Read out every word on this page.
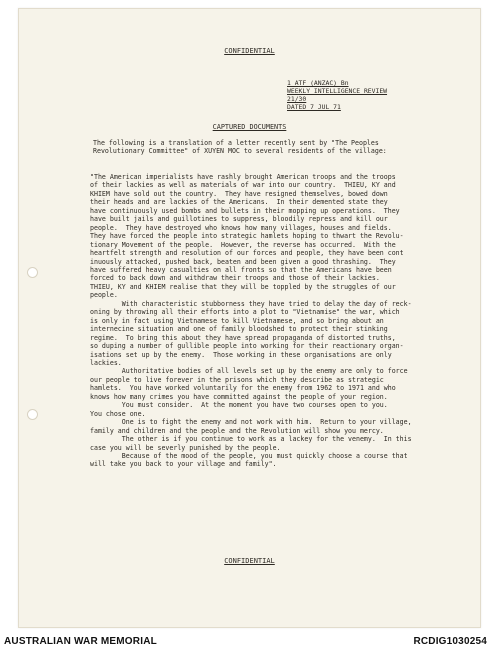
CONFIDENTIAL
1 ATF (ANZAC) Bn
WEEKLY INTELLIGENCE REVIEW
21/30
DATED 7 JUL 71
CAPTURED DOCUMENTS
The following is a translation of a letter recently sent by "The Peoples
Revolutionary Committee" of XUYEN MOC to several residents of the village:
"The American imperialists have rashly brought American troops and the troops
of their lackies as well as materials of war into our country.  THIEU, KY and
KHIEM have sold out the country.  They have resigned themselves, bowed down
their heads and are lackies of the Americans.  In their demented state they
have continuously used bombs and bullets in their mopping up operations.  They
have built jails and guillotines to suppress, bloodily repress and kill our
people.  They have destroyed who knows how many villages, houses and fields.
They have forced the people into strategic hamlets hoping to thwart the Revolu-
tionary Movement of the people.  However, the reverse has occurred.  With the
heartfelt strength and resolution of our forces and people, they have been cont
inuously attacked, pushed back, beaten and been given a good thrashing.  They
have suffered heavy casualties on all fronts so that the Americans have been
forced to back down and withdraw their troops and those of their lackies.
THIEU, KY and KHIEM realise that they will be toppled by the struggles of our
people.
With characteristic stubborness they have tried to delay the day of reck-
oning by throwing all their efforts into a plot to "Vietnamise" the war, which
is only in fact using Vietnamese to kill Vietnamese, and so bring about an
internecine situation and one of family bloodshed to protect their stinking
regime.  To bring this about they have spread propaganda of distorted truths,
so duping a number of gullible people into working for their reactionary organ-
isations set up by the enemy.  Those working in these organisations are only
lackies.
Authoritative bodies of all levels set up by the enemy are only to force
our people to live forever in the prisons which they describe as strategic
hamlets.  You have worked voluntarily for the enemy from 1962 to 1971 and who
knows how many crimes you have committed against the people of your region.
You must consider.  At the moment you have two courses open to you.
You chose one.
One is to fight the enemy and not work with him.  Return to your village,
family and children and the people and the Revolution will show you mercy.
The other is if you continue to work as a lackey for the venemy.  In this
case you will be severly punished by the people.
Because of the mood of the people, you must quickly choose a course that
will take you back to your village and family".
CONFIDENTIAL
AUSTRALIAN WAR MEMORIAL	RCDIG1030254
